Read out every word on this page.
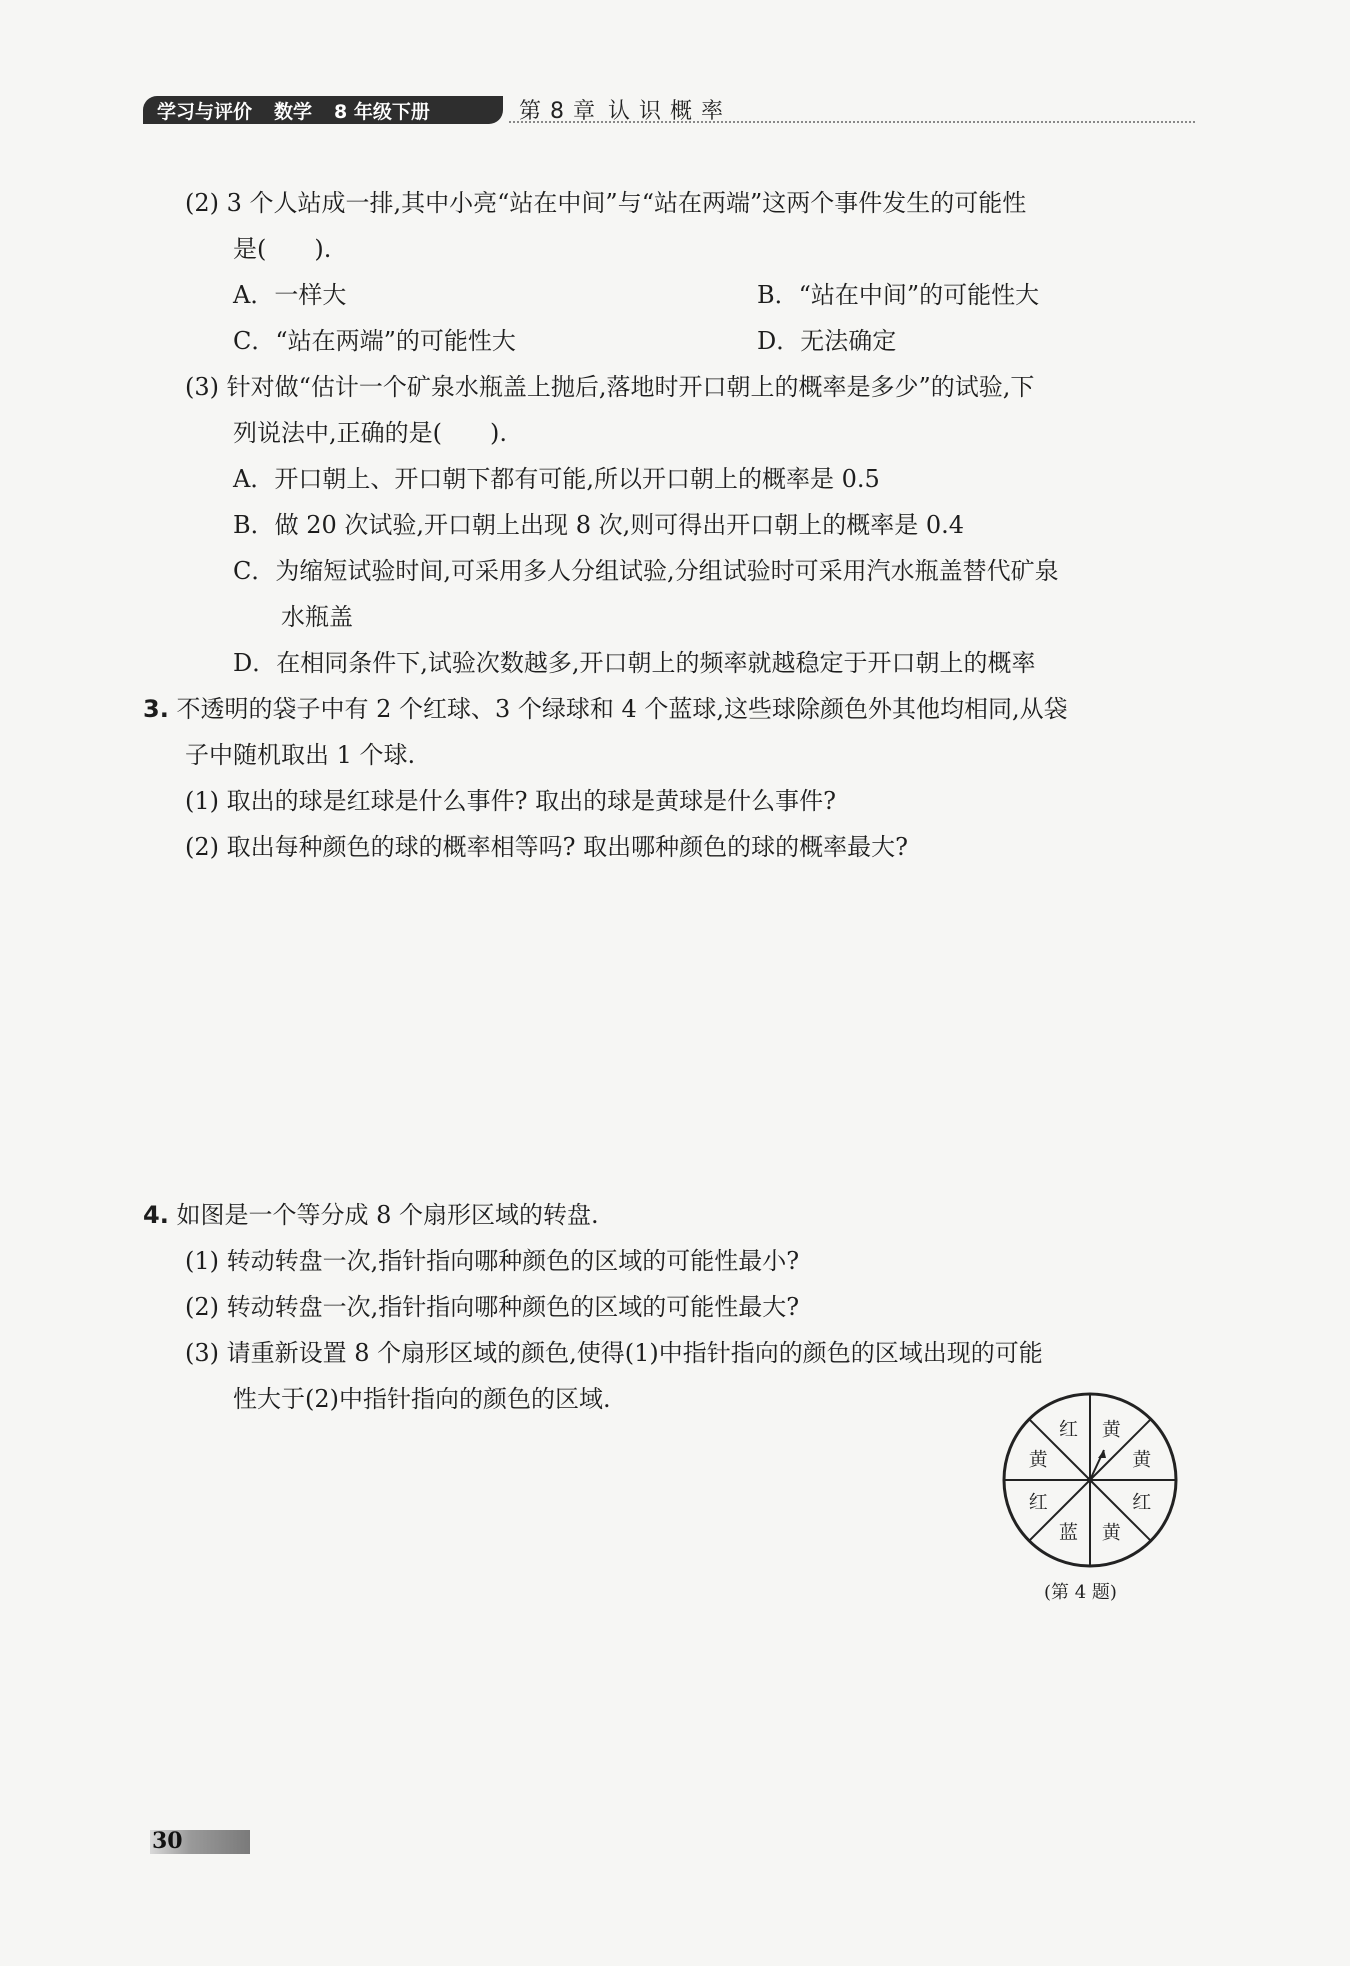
学习与评价 数学 8 年级下册	第 8 章 认 识 概 率
(2) 3 个人站成一排,其中小亮“站在中间”与“站在两端”这两个事件发生的可能性
是(　　).
A．一样大	B．“站在中间”的可能性大
C．“站在两端”的可能性大	D．无法确定
(3) 针对做“估计一个矿泉水瓶盖上抛后,落地时开口朝上的概率是多少”的试验,下
列说法中,正确的是(　　).
A．开口朝上、开口朝下都有可能,所以开口朝上的概率是 0.5
B．做 20 次试验,开口朝上出现 8 次,则可得出开口朝上的概率是 0.4
C．为缩短试验时间,可采用多人分组试验,分组试验时可采用汽水瓶盖替代矿泉
水瓶盖
D．在相同条件下,试验次数越多,开口朝上的频率就越稳定于开口朝上的概率
3. 不透明的袋子中有 2 个红球、3 个绿球和 4 个蓝球,这些球除颜色外其他均相同,从袋
子中随机取出 1 个球.
(1) 取出的球是红球是什么事件? 取出的球是黄球是什么事件?
(2) 取出每种颜色的球的概率相等吗? 取出哪种颜色的球的概率最大?
4. 如图是一个等分成 8 个扇形区域的转盘.
(1) 转动转盘一次,指针指向哪种颜色的区域的可能性最小?
(2) 转动转盘一次,指针指向哪种颜色的区域的可能性最大?
(3) 请重新设置 8 个扇形区域的颜色,使得(1)中指针指向的颜色的区域出现的可能
性大于(2)中指针指向的颜色的区域.
黄
黄
红
黄
蓝
红
黄
红
(第 4 题)
30
